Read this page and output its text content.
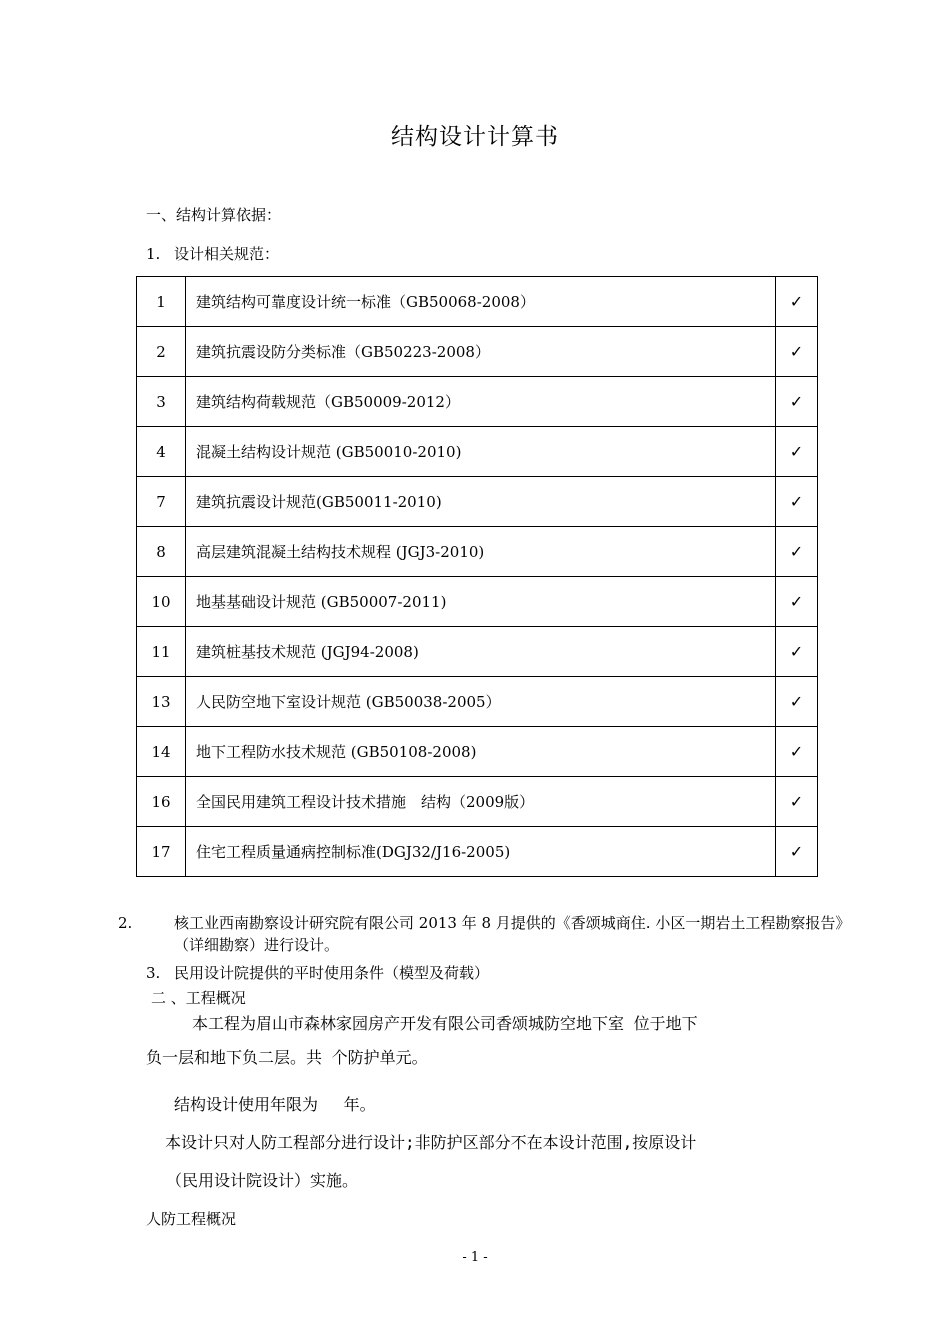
结构设计计算书
一、结构计算依据：
1. 设计相关规范：
1	建筑结构可靠度设计统一标准（GB50068-2008）	✓
2	建筑抗震设防分类标准（GB50223-2008）	✓
3	建筑结构荷载规范（GB50009-2012）	✓
4	混凝土结构设计规范 (GB50010-2010)	✓
7	建筑抗震设计规范(GB50011-2010)	✓
8	高层建筑混凝土结构技术规程 (JGJ3-2010)	✓
10	地基基础设计规范 (GB50007-2011)	✓
11	建筑桩基技术规范 (JGJ94-2008)	✓
13	人民防空地下室设计规范 (GB50038-2005）	✓
14	地下工程防水技术规范 (GB50108-2008)	✓
16	全国民用建筑工程设计技术措施　结构（2009版）	✓
17	住宅工程质量通病控制标准(DGJ32/J16-2005)	✓
2.	核工业西南勘察设计研究院有限公司 2013 年 8 月提供的《香颂城商住. 小区一期岩土工程勘察报告》（详细勘察）进行设计。
3. 民用设计院提供的平时使用条件（模型及荷载）
二 、工程概况
本工程为眉山市森林家园房产开发有限公司香颂城防空地下室 位于地下
负一层和地下负二层。共 个防护单元。
结构设计使用年限为　 年。
本设计只对人防工程部分进行设计;非防护区部分不在本设计范围,按原设计
（民用设计院设计）实施。
人防工程概况
- 1 -
